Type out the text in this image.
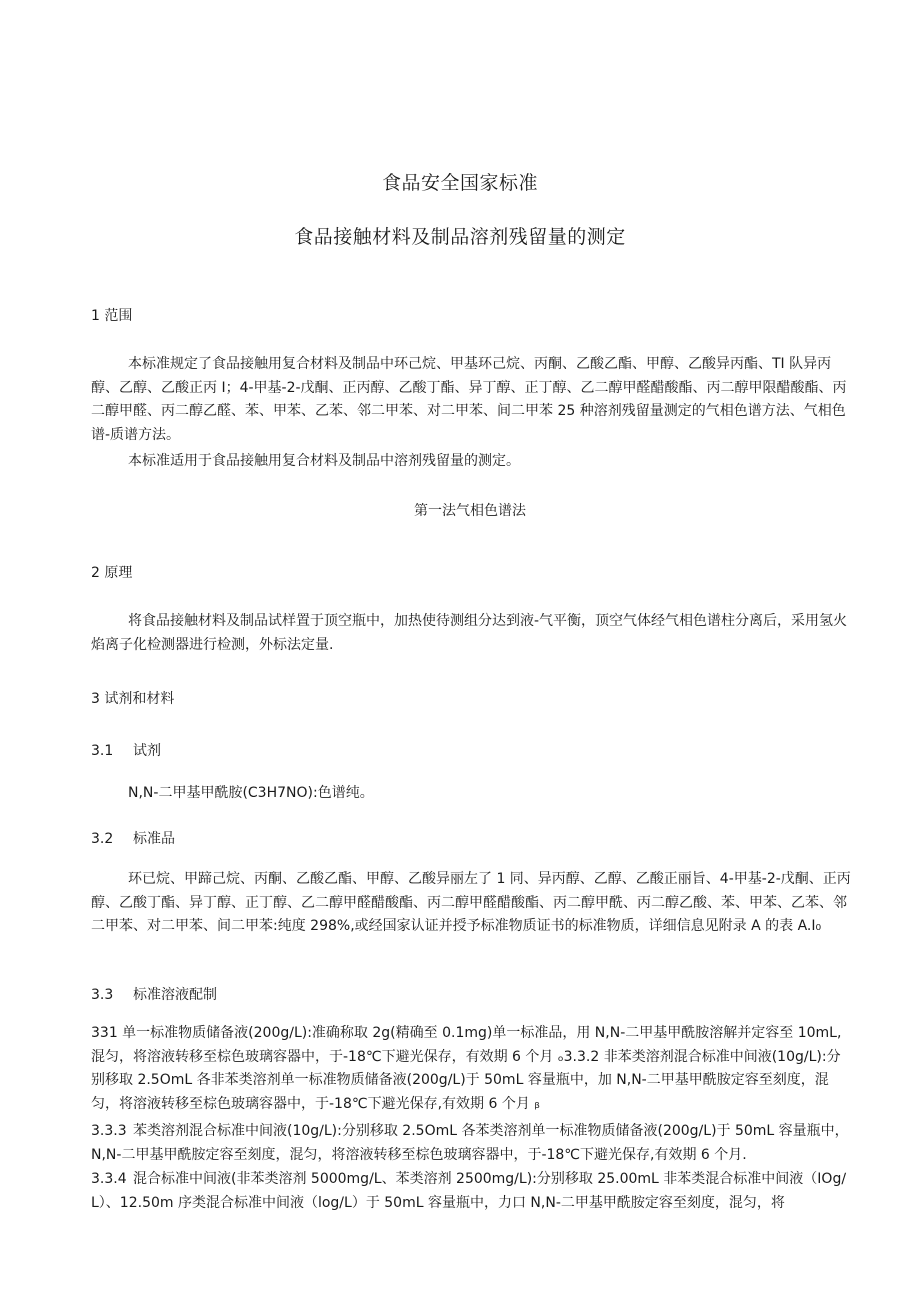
食品安全国家标准
食品接触材料及制品溶剂残留量的测定
1 范围

本标准规定了食品接触用复合材料及制品中环己烷、甲基环己烷、丙酮、乙酸乙酯、甲醇、乙酸异丙酯、TI 队异丙醇、乙醇、乙酸正丙 I；4-甲基-2-戊酮、正丙醇、乙酸丁酯、异丁醇、正丁醇、乙二醇甲醛醋酸酯、丙二醇甲限醋酸酯、丙二醇甲醛、丙二醇乙醛、苯、甲苯、乙苯、邻二甲苯、对二甲苯、间二甲苯 25 种溶剂残留量测定的气相色谱方法、气相色谱-质谱方法。

本标准适用于食品接触用复合材料及制品中溶剂残留量的测定。

第一法气相色谱法
2 原理

将食品接触材料及制品试样置于顶空瓶中，加热使待测组分达到液-气平衡，顶空气体经气相色谱柱分离后，采用氢火焰离子化检测器进行检测，外标法定量.

3 试剂和材料
3.1 试剂

N,N-二甲基甲酰胺(C3H7NO):色谱纯。

3.2 标准品

环已烷、甲蹄己烷、丙酮、乙酸乙酯、甲醇、乙酸异丽左了 1 同、异丙醇、乙醇、乙酸正丽旨、4-甲基-2-戊酮、正丙醇、乙酸丁酯、异丁醇、正丁醇、乙二醇甲醛醋酸酯、丙二醇甲醛醋酸酯、丙二醇甲酰、丙二醇乙酸、苯、甲苯、乙苯、邻二甲苯、对二甲苯、间二甲苯:纯度 298%,或经国家认证并授予标准物质证书的标准物质，详细信息见附录 A 的表 A.I₀

3.3 标准溶液配制

331 单一标准物质储备液(200g∕L):准确称取 2g(精确至 0.1mg)单一标准品，用 N,N-二甲基甲酰胺溶解并定容至 10mL,混匀，将溶液转移至棕色玻璃容器中，于-18℃下避光保存，有效期 6 个月 ₒ3.3.2 非苯类溶剂混合标准中间液(10g∕L):分别移取 2.5OmL 各非苯类溶剂单一标准物质储备液(200g∕L)于 50mL 容量瓶中，加 N,N-二甲基甲酰胺定容至刻度，混匀，将溶液转移至棕色玻璃容器中，于-18℃下避光保存,有效期 6 个月 ᵦ

3.3.3 苯类溶剂混合标准中间液(10g∕L):分别移取 2.5OmL 各苯类溶剂单一标准物质储备液(200g∕L)于 50mL 容量瓶中，N,N-二甲基甲酰胺定容至刻度，混匀，将溶液转移至棕色玻璃容器中，于-18℃下避光保存,有效期 6 个月.

3.3.4 混合标准中间液(非苯类溶剂 5000mg/L、苯类溶剂 2500mg∕L):分别移取 25.00mL 非苯类混合标准中间液（IOg∕L）、12.50m 序类混合标准中间液（log/L）于 50mL 容量瓶中，力口 N,N-二甲基甲酰胺定容至刻度，混匀，将
